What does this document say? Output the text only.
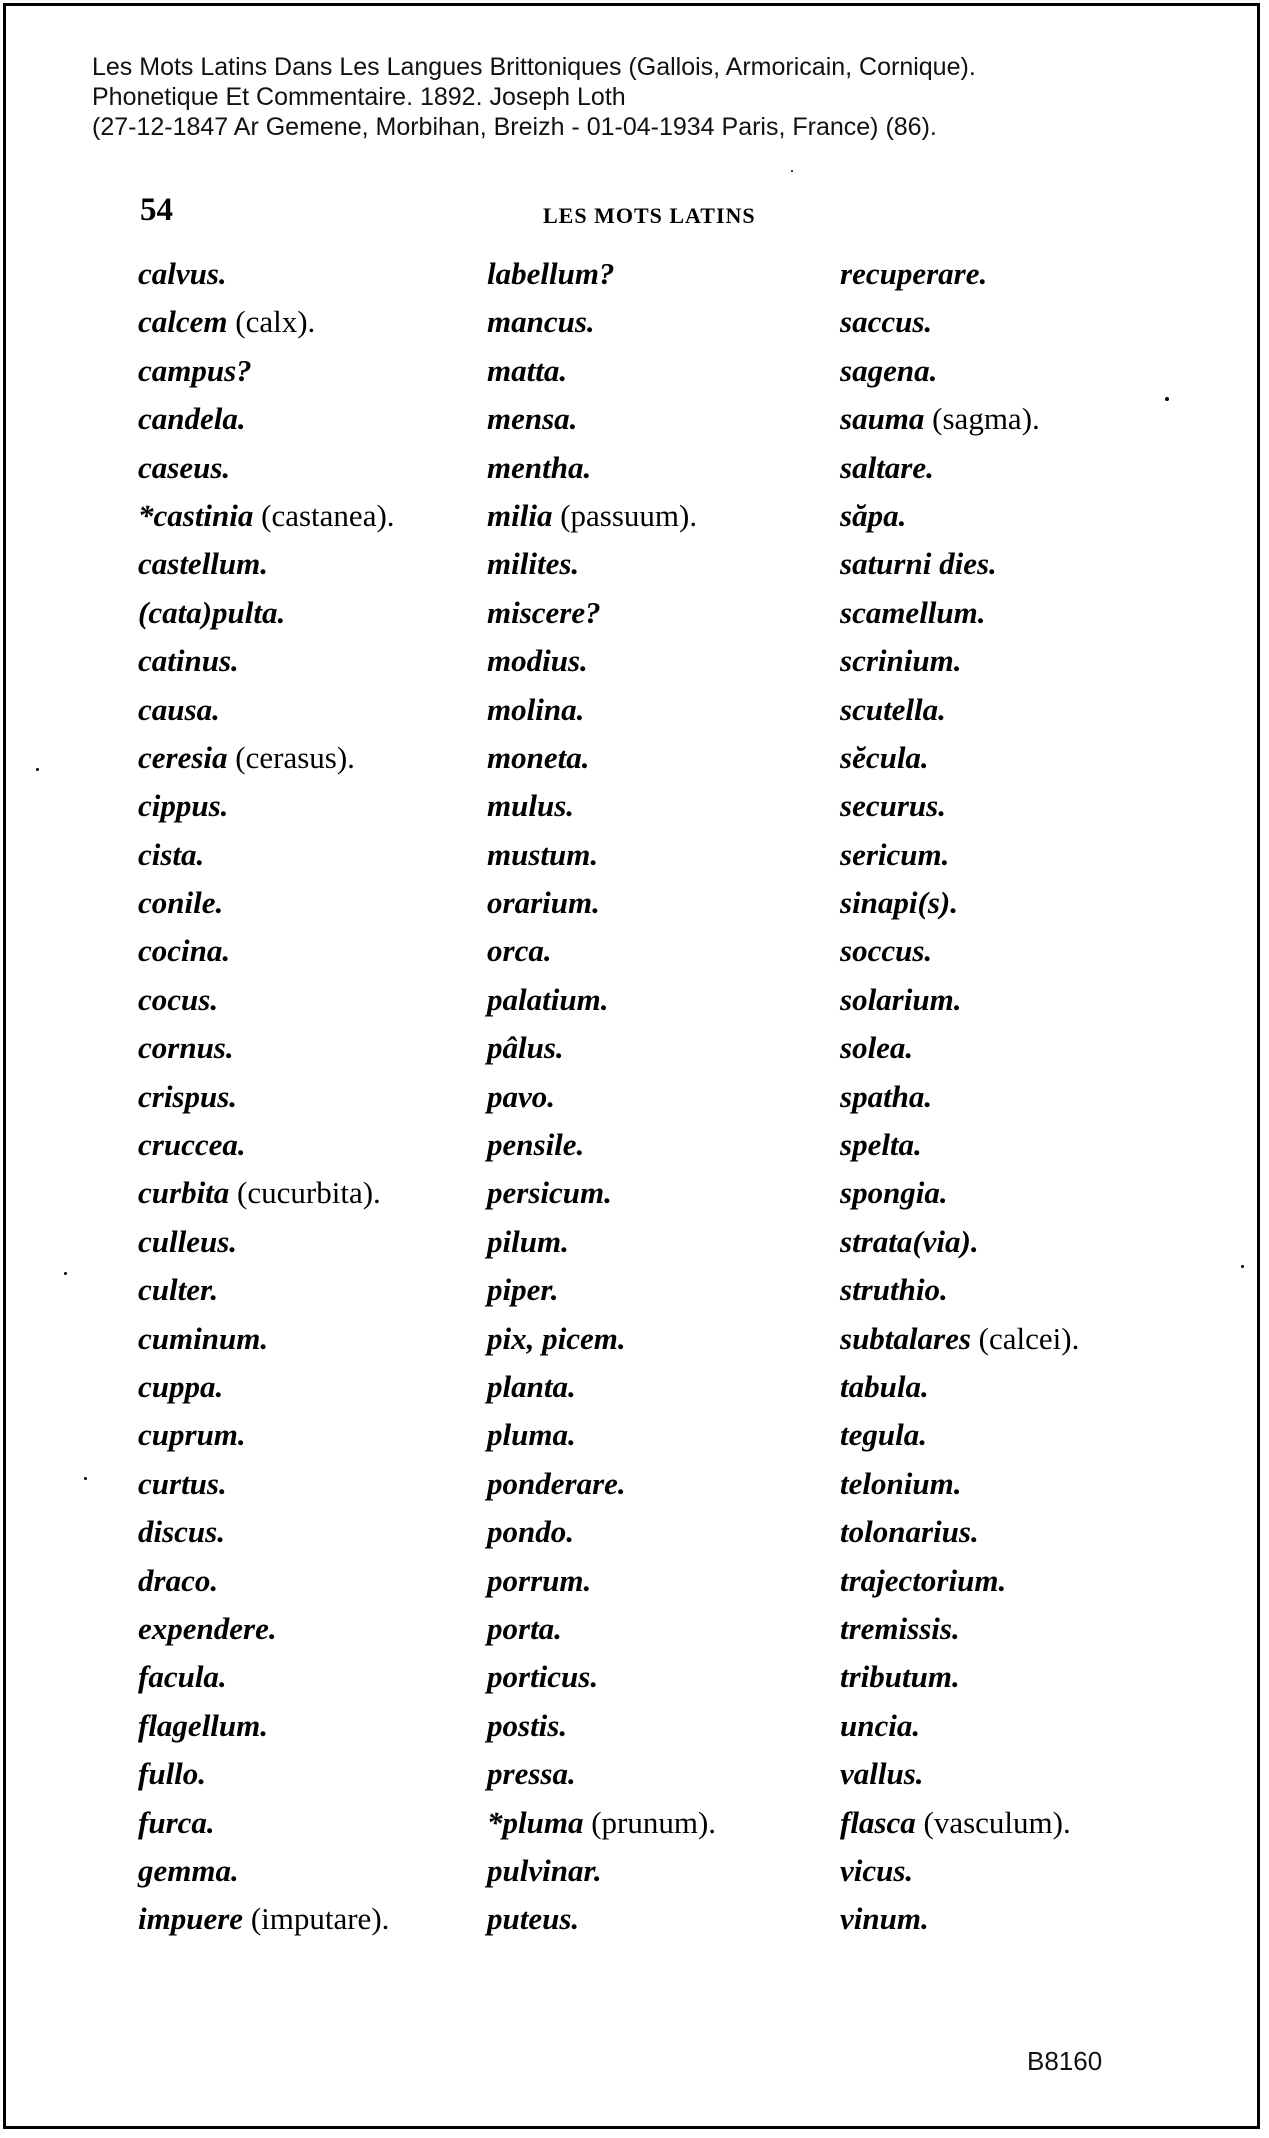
Les Mots Latins Dans Les Langues Brittoniques (Gallois, Armoricain, Cornique).
Phonetique Et Commentaire. 1892. Joseph Loth
(27-12-1847 Ar Gemene, Morbihan, Breizh - 01-04-1934 Paris, France) (86).
54	LES MOTS LATINS
calvus.
calcem (calx).
campus?
candela.
caseus.
*castinia (castanea).
castellum.
(cata)pulta.
catinus.
causa.
ceresia (cerasus).
cippus.
cista.
conile.
cocina.
cocus.
cornus.
crispus.
cruccea.
curbita (cucurbita).
culleus.
culter.
cuminum.
cuppa.
cuprum.
curtus.
discus.
draco.
expendere.
facula.
flagellum.
fullo.
furca.
gemma.
impuere (imputare).
labellum?
mancus.
matta.
mensa.
mentha.
milia (passuum).
milites.
miscere?
modius.
molina.
moneta.
mulus.
mustum.
orarium.
orca.
palatium.
pâlus.
pavo.
pensile.
persicum.
pilum.
piper.
pix, picem.
planta.
pluma.
ponderare.
pondo.
porrum.
porta.
porticus.
postis.
pressa.
*pluma (prunum).
pulvinar.
puteus.
recuperare.
saccus.
sagena.
sauma (sagma).
saltare.
săpa.
saturni dies.
scamellum.
scrinium.
scutella.
sĕcula.
securus.
sericum.
sinapi(s).
soccus.
solarium.
solea.
spatha.
spelta.
spongia.
strata(via).
struthio.
subtalares (calcei).
tabula.
tegula.
telonium.
tolonarius.
trajectorium.
tremissis.
tributum.
uncia.
vallus.
flasca (vasculum).
vicus.
vinum.
B8160
